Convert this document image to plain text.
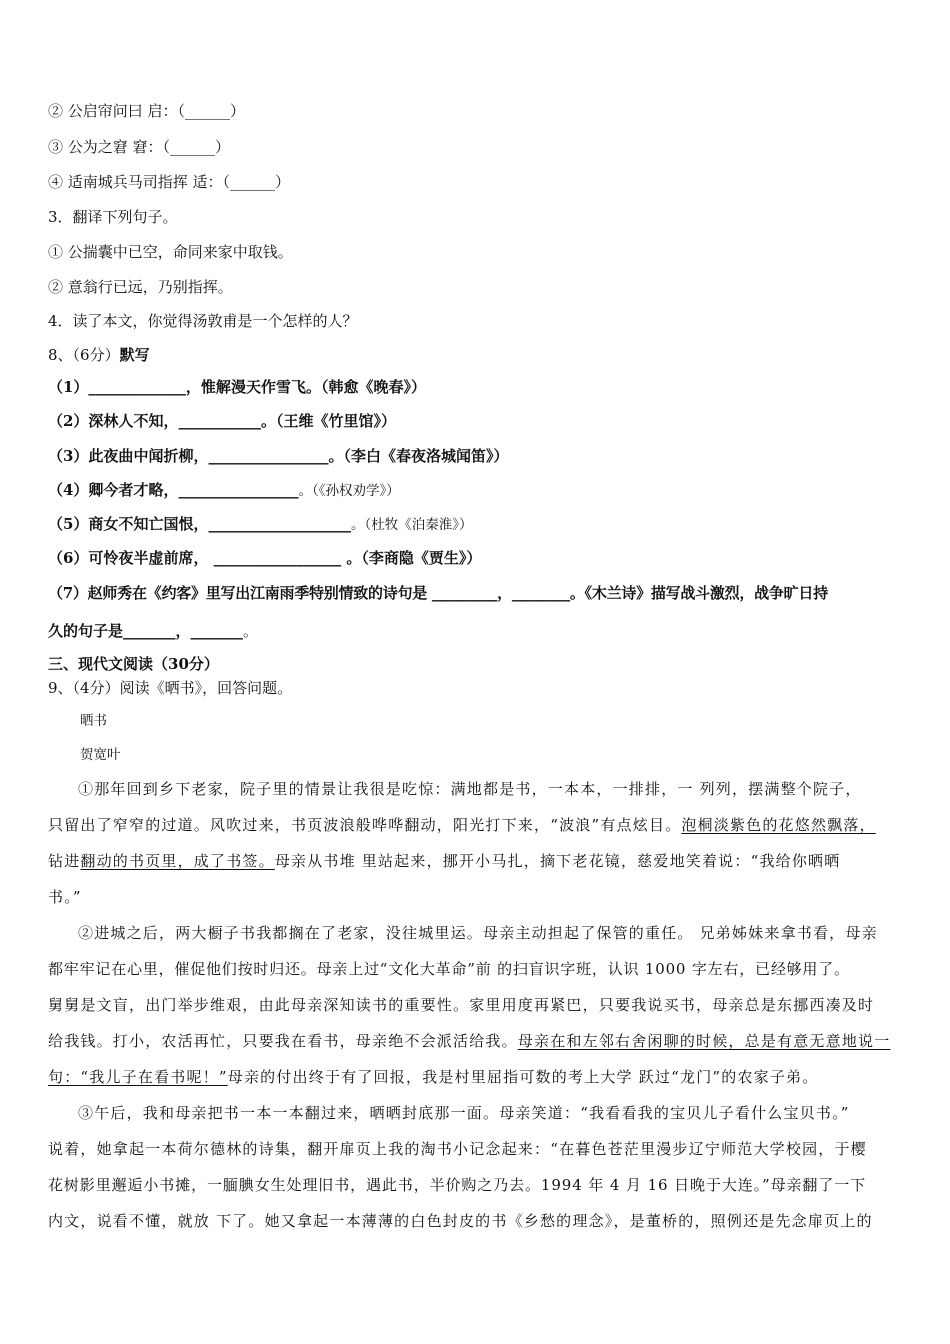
② 公启帘问曰 启：（______）
③ 公为之窘 窘：（______）
④ 适南城兵马司指挥 适：（______）
3．翻译下列句子。
① 公揣囊中已空，命同来家中取钱。
② 意翁行已远，乃别指挥。
4．读了本文，你觉得汤敦甫是一个怎样的人？
8、（6分）默写
（1）_____________，惟解漫天作雪飞。（韩愈《晚春》）
（2）深林人不知，___________。（王维《竹里馆》）
（3）此夜曲中闻折柳，________________。（李白《春夜洛城闻笛》）
（4）卿今者才略，________________。（《孙权劝学》）
（5）商女不知亡国恨，___________________。（杜牧《泊秦淮》）
（6）可怜夜半虚前席， _________________ 。（李商隐《贾生》）
（7）赵师秀在《约客》里写出江南雨季特别情致的诗句是 _________，________。《木兰诗》描写战斗激烈，战争旷日持
久的句子是_______，_______。
三、现代文阅读（30分）
9、（4分）阅读《晒书》，回答问题。
晒书
贺宽叶
①那年回到乡下老家，院子里的情景让我很是吃惊：满地都是书，一本本，一排排，一 列列，摆满整个院子，
只留出了窄窄的过道。风吹过来，书页波浪般哗哗翻动，阳光打下来，“波浪”有点炫目。泡桐淡紫色的花悠然飘落，
钻进翻动的书页里，成了书签。母亲从书堆 里站起来，挪开小马扎，摘下老花镜，慈爱地笑着说：“我给你晒晒
书。”
②进城之后，两大橱子书我都搁在了老家，没往城里运。母亲主动担起了保管的重任。 兄弟姊妹来拿书看，母亲
都牢牢记在心里，催促他们按时归还。母亲上过“文化大革命”前 的扫盲识字班，认识 1000 字左右，已经够用了。
舅舅是文盲，出门举步维艰，由此母亲深知读书的重要性。家里用度再紧巴，只要我说买书，母亲总是东挪西凑及时
给我钱。打小，农活再忙，只要我在看书，母亲绝不会派活给我。母亲在和左邻右舍闲聊的时候，总是有意无意地说一
句：“我儿子在看书呢！”母亲的付出终于有了回报，我是村里屈指可数的考上大学 跃过“龙门”的农家子弟。
③午后，我和母亲把书一本一本翻过来，晒晒封底那一面。母亲笑道：“我看看我的宝贝儿子看什么宝贝书。”
说着，她拿起一本荷尔德林的诗集，翻开扉页上我的淘书小记念起来：“在暮色苍茫里漫步辽宁师范大学校园，于樱
花树影里邂逅小书摊，一腼腆女生处理旧书，遇此书，半价购之乃去。1994 年 4 月 16 日晚于大连。”母亲翻了一下
内文，说看不懂，就放 下了。她又拿起一本薄薄的白色封皮的书《乡愁的理念》，是董桥的，照例还是先念扉页上的
